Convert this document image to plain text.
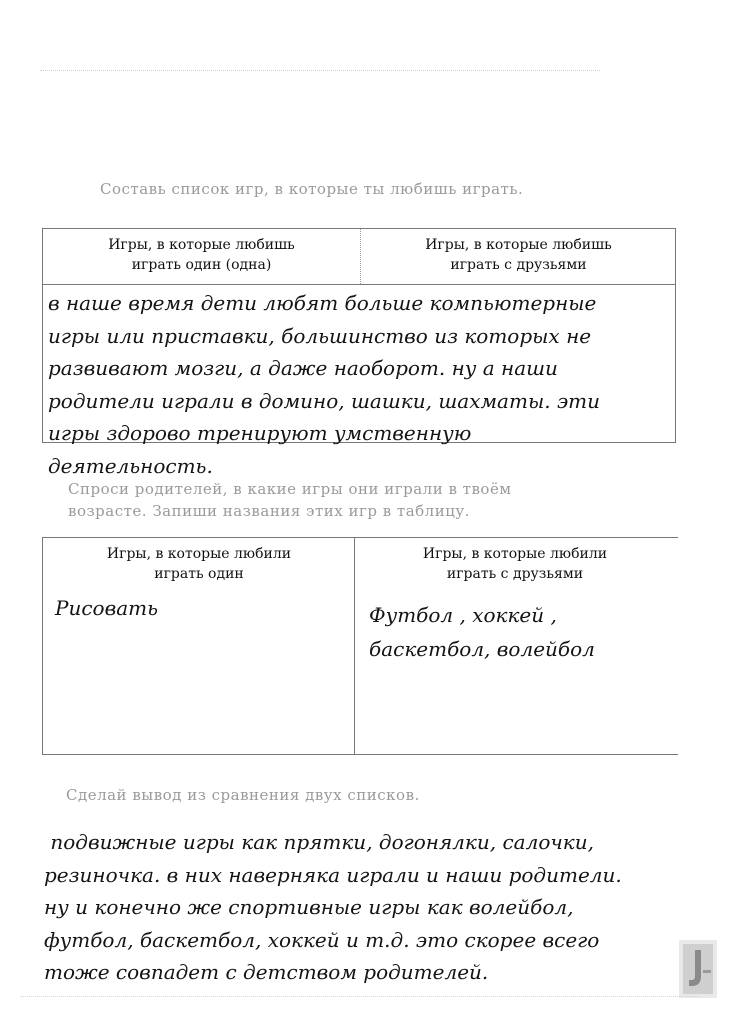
Составь список игр, в которые ты любишь играть.
Игры, в которые любишь
играть один (одна)
Игры, в которые любишь
играть с друзьями
в наше время дети любят больше компьютерные
игры или приставки, большинство из которых не
развивают мозги, а даже наоборот. ну а наши
родители играли в домино, шашки, шахматы. эти
игры здорово тренируют умственную
деятельность.
Спроси родителей, в какие игры они играли в твоём
возрасте. Запиши названия этих игр в таблицу.
Игры, в которые любили
играть один
Игры, в которые любили
играть с друзьями
Рисовать	Футбол , хоккей ,
баскетбол, волейбол
Сделай вывод из сравнения двух списков.
подвижные игры как прятки, догонялки, салочки,
резиночка. в них наверняка играли и наши родители.
ну и конечно же спортивные игры как волейбол,
футбол, баскетбол, хоккей и т.д. это скорее всего
тоже совпадет с детством родителей.
